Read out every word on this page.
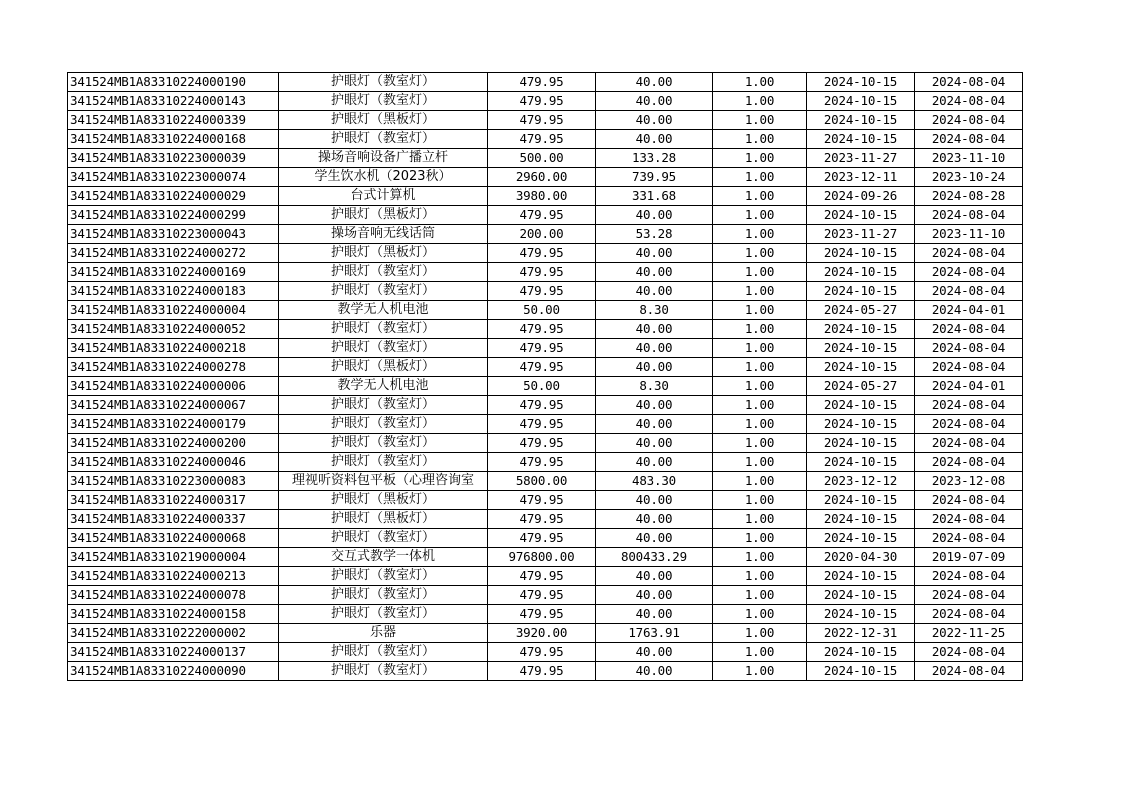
341524MB1A83310224000190	护眼灯（教室灯）	479.95	40.00	1.00	2024-10-15	2024-08-04
341524MB1A83310224000143	护眼灯（教室灯）	479.95	40.00	1.00	2024-10-15	2024-08-04
341524MB1A83310224000339	护眼灯（黑板灯）	479.95	40.00	1.00	2024-10-15	2024-08-04
341524MB1A83310224000168	护眼灯（教室灯）	479.95	40.00	1.00	2024-10-15	2024-08-04
341524MB1A83310223000039	操场音响设备广播立杆	500.00	133.28	1.00	2023-11-27	2023-11-10
341524MB1A83310223000074	学生饮水机（2023秋）	2960.00	739.95	1.00	2023-12-11	2023-10-24
341524MB1A83310224000029	台式计算机	3980.00	331.68	1.00	2024-09-26	2024-08-28
341524MB1A83310224000299	护眼灯（黑板灯）	479.95	40.00	1.00	2024-10-15	2024-08-04
341524MB1A83310223000043	操场音响无线话筒	200.00	53.28	1.00	2023-11-27	2023-11-10
341524MB1A83310224000272	护眼灯（黑板灯）	479.95	40.00	1.00	2024-10-15	2024-08-04
341524MB1A83310224000169	护眼灯（教室灯）	479.95	40.00	1.00	2024-10-15	2024-08-04
341524MB1A83310224000183	护眼灯（教室灯）	479.95	40.00	1.00	2024-10-15	2024-08-04
341524MB1A83310224000004	教学无人机电池	50.00	8.30	1.00	2024-05-27	2024-04-01
341524MB1A83310224000052	护眼灯（教室灯）	479.95	40.00	1.00	2024-10-15	2024-08-04
341524MB1A83310224000218	护眼灯（教室灯）	479.95	40.00	1.00	2024-10-15	2024-08-04
341524MB1A83310224000278	护眼灯（黑板灯）	479.95	40.00	1.00	2024-10-15	2024-08-04
341524MB1A83310224000006	教学无人机电池	50.00	8.30	1.00	2024-05-27	2024-04-01
341524MB1A83310224000067	护眼灯（教室灯）	479.95	40.00	1.00	2024-10-15	2024-08-04
341524MB1A83310224000179	护眼灯（教室灯）	479.95	40.00	1.00	2024-10-15	2024-08-04
341524MB1A83310224000200	护眼灯（教室灯）	479.95	40.00	1.00	2024-10-15	2024-08-04
341524MB1A83310224000046	护眼灯（教室灯）	479.95	40.00	1.00	2024-10-15	2024-08-04
341524MB1A83310223000083	理视听资料包平板（心理咨询室	5800.00	483.30	1.00	2023-12-12	2023-12-08
341524MB1A83310224000317	护眼灯（黑板灯）	479.95	40.00	1.00	2024-10-15	2024-08-04
341524MB1A83310224000337	护眼灯（黑板灯）	479.95	40.00	1.00	2024-10-15	2024-08-04
341524MB1A83310224000068	护眼灯（教室灯）	479.95	40.00	1.00	2024-10-15	2024-08-04
341524MB1A83310219000004	交互式教学一体机	976800.00	800433.29	1.00	2020-04-30	2019-07-09
341524MB1A83310224000213	护眼灯（教室灯）	479.95	40.00	1.00	2024-10-15	2024-08-04
341524MB1A83310224000078	护眼灯（教室灯）	479.95	40.00	1.00	2024-10-15	2024-08-04
341524MB1A83310224000158	护眼灯（教室灯）	479.95	40.00	1.00	2024-10-15	2024-08-04
341524MB1A83310222000002	乐器	3920.00	1763.91	1.00	2022-12-31	2022-11-25
341524MB1A83310224000137	护眼灯（教室灯）	479.95	40.00	1.00	2024-10-15	2024-08-04
341524MB1A83310224000090	护眼灯（教室灯）	479.95	40.00	1.00	2024-10-15	2024-08-04
